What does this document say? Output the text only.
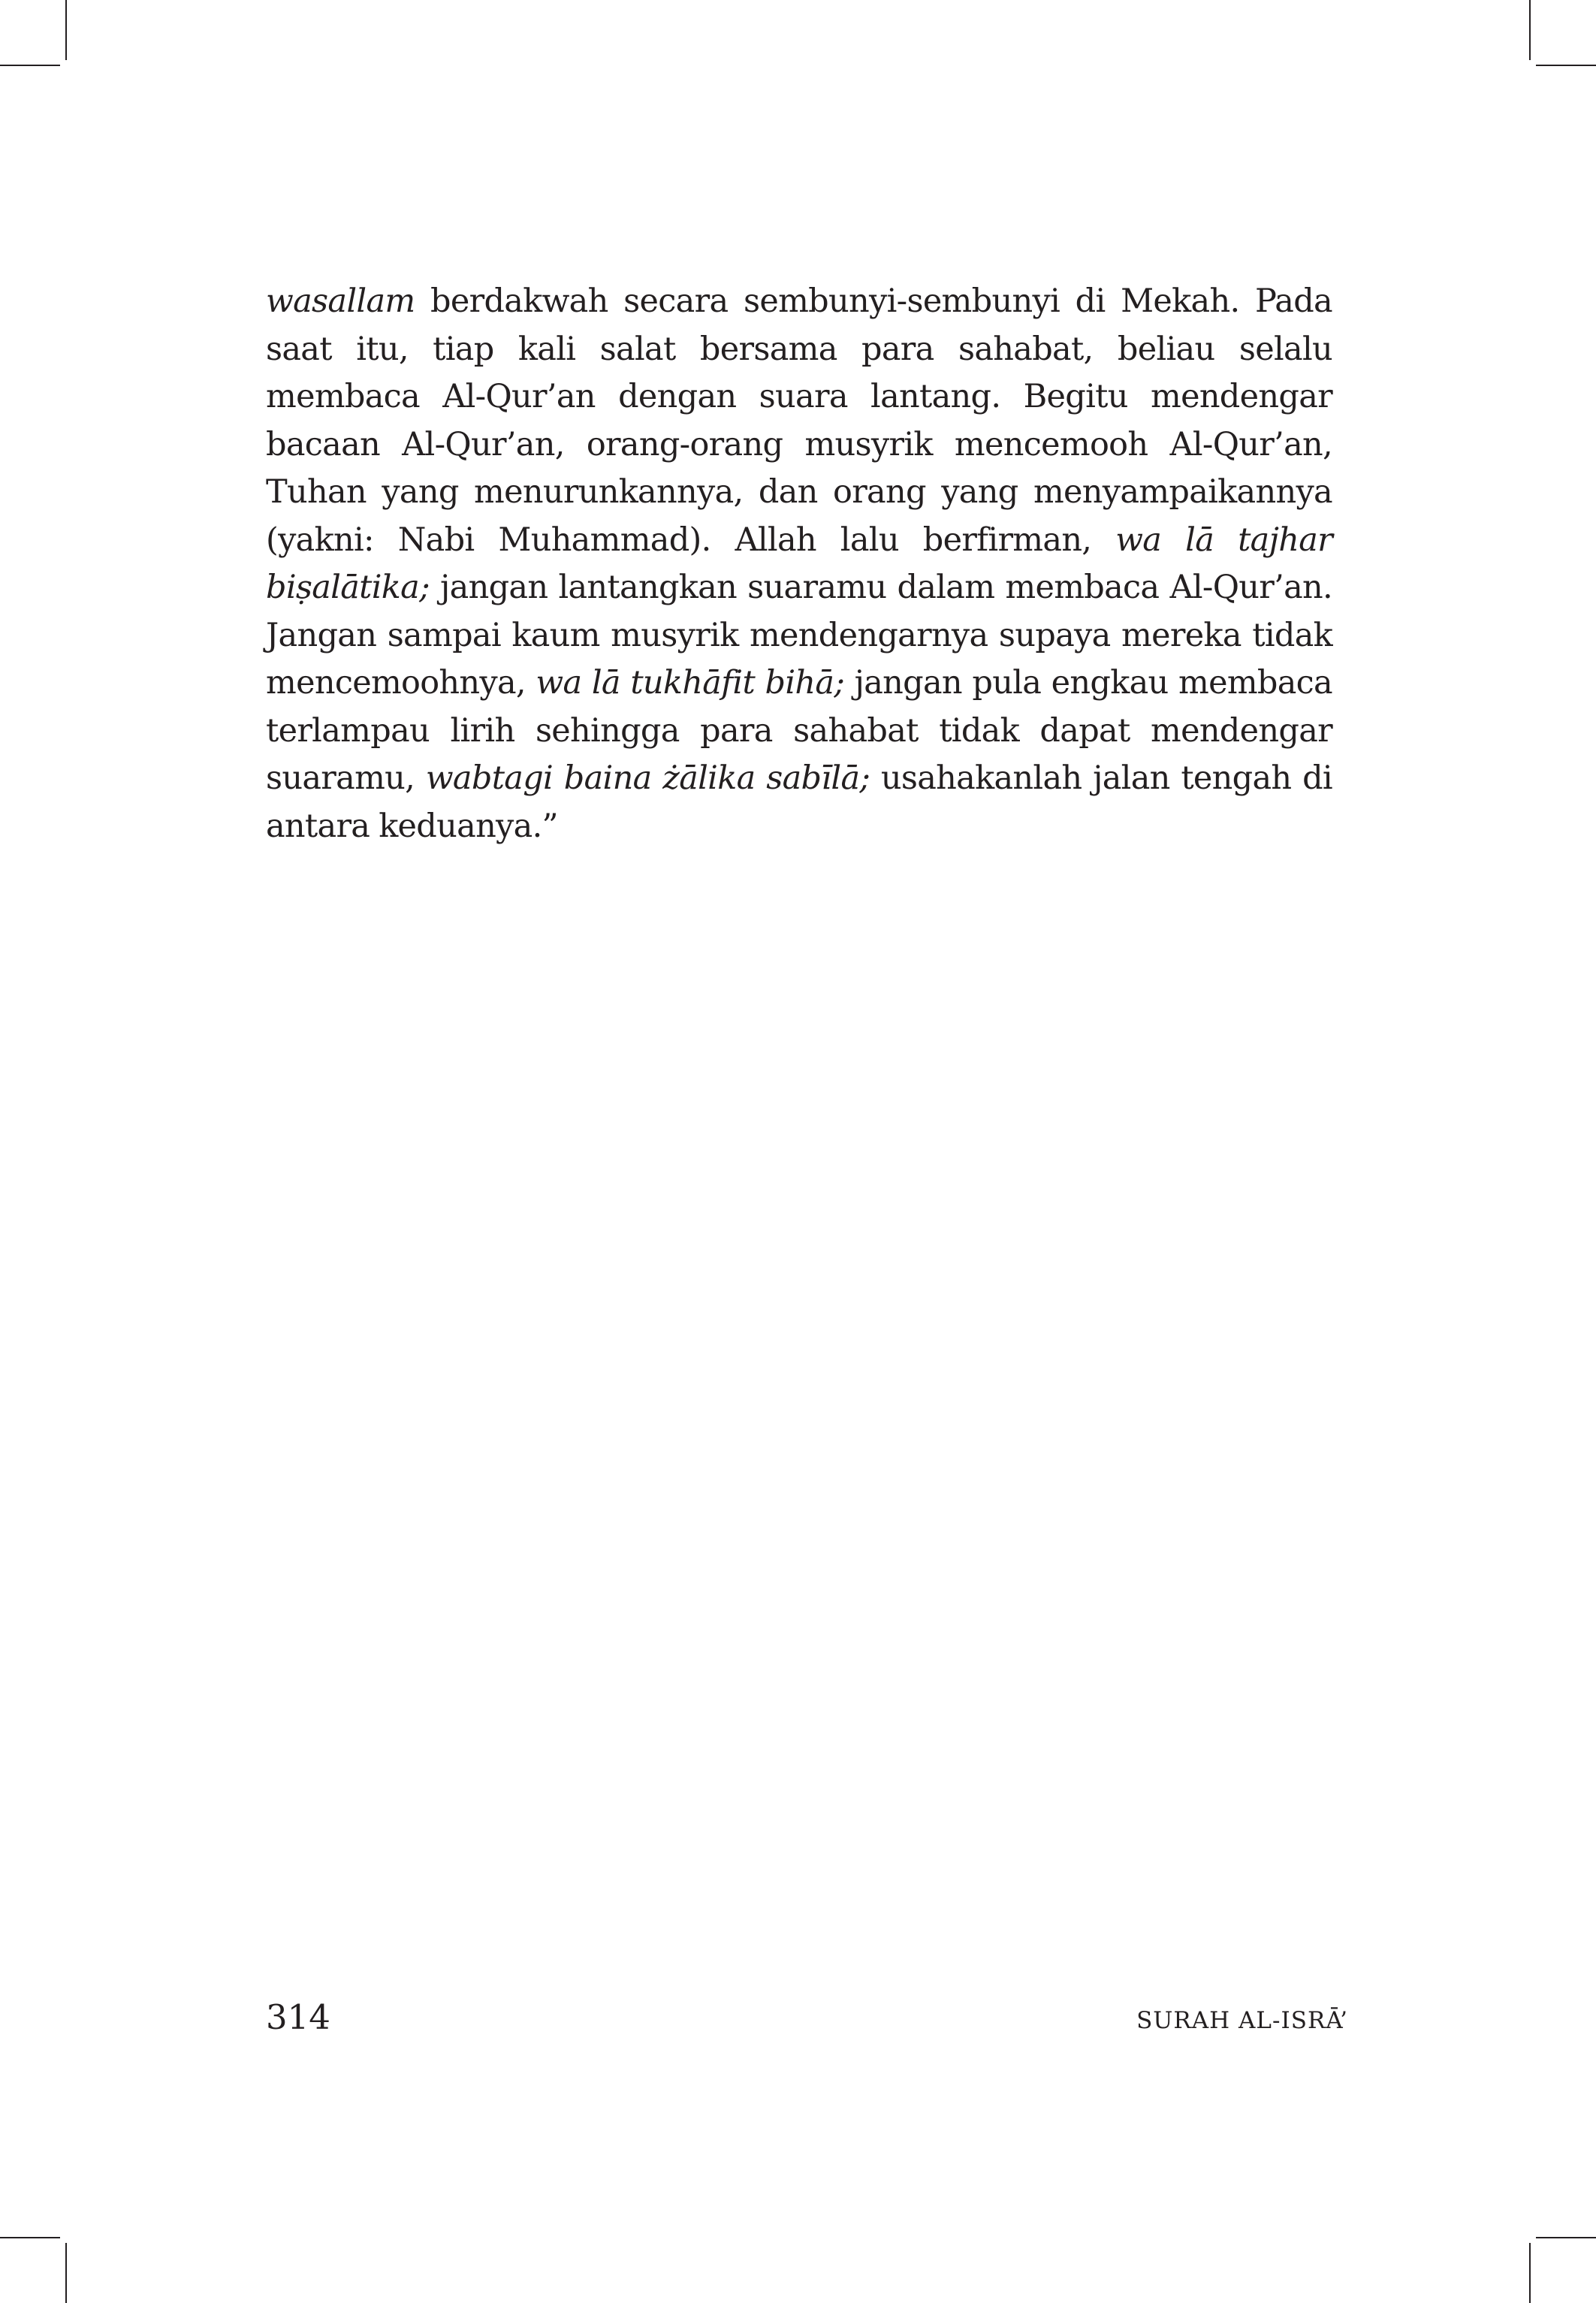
wasallam berdakwah secara sembunyi-sembunyi di Mekah. Pada saat itu, tiap kali salat bersama para sahabat, beliau selalu membaca Al-Qur’an dengan suara lantang. Begitu mendengar bacaan Al-Qur’an, orang-orang musyrik mencemooh Al-Qur’an, Tuhan yang menurunkannya, dan orang yang menyampaikannya (yakni: Nabi Muhammad). Allah lalu berfirman, wa lā tajhar biṣalātika; jangan lantangkan suaramu dalam membaca Al-Qur’an. Jangan sampai kaum musyrik mendengarnya supaya mereka tidak mencemoohnya, wa lā tukhāfit bihā; jangan pula engkau membaca terlampau lirih sehingga para sahabat tidak dapat mendengar suaramu, wabtagi baina żālika sabīlā; usahakanlah jalan tengah di antara keduanya.”

314	SURAH AL-ISRĀ’
